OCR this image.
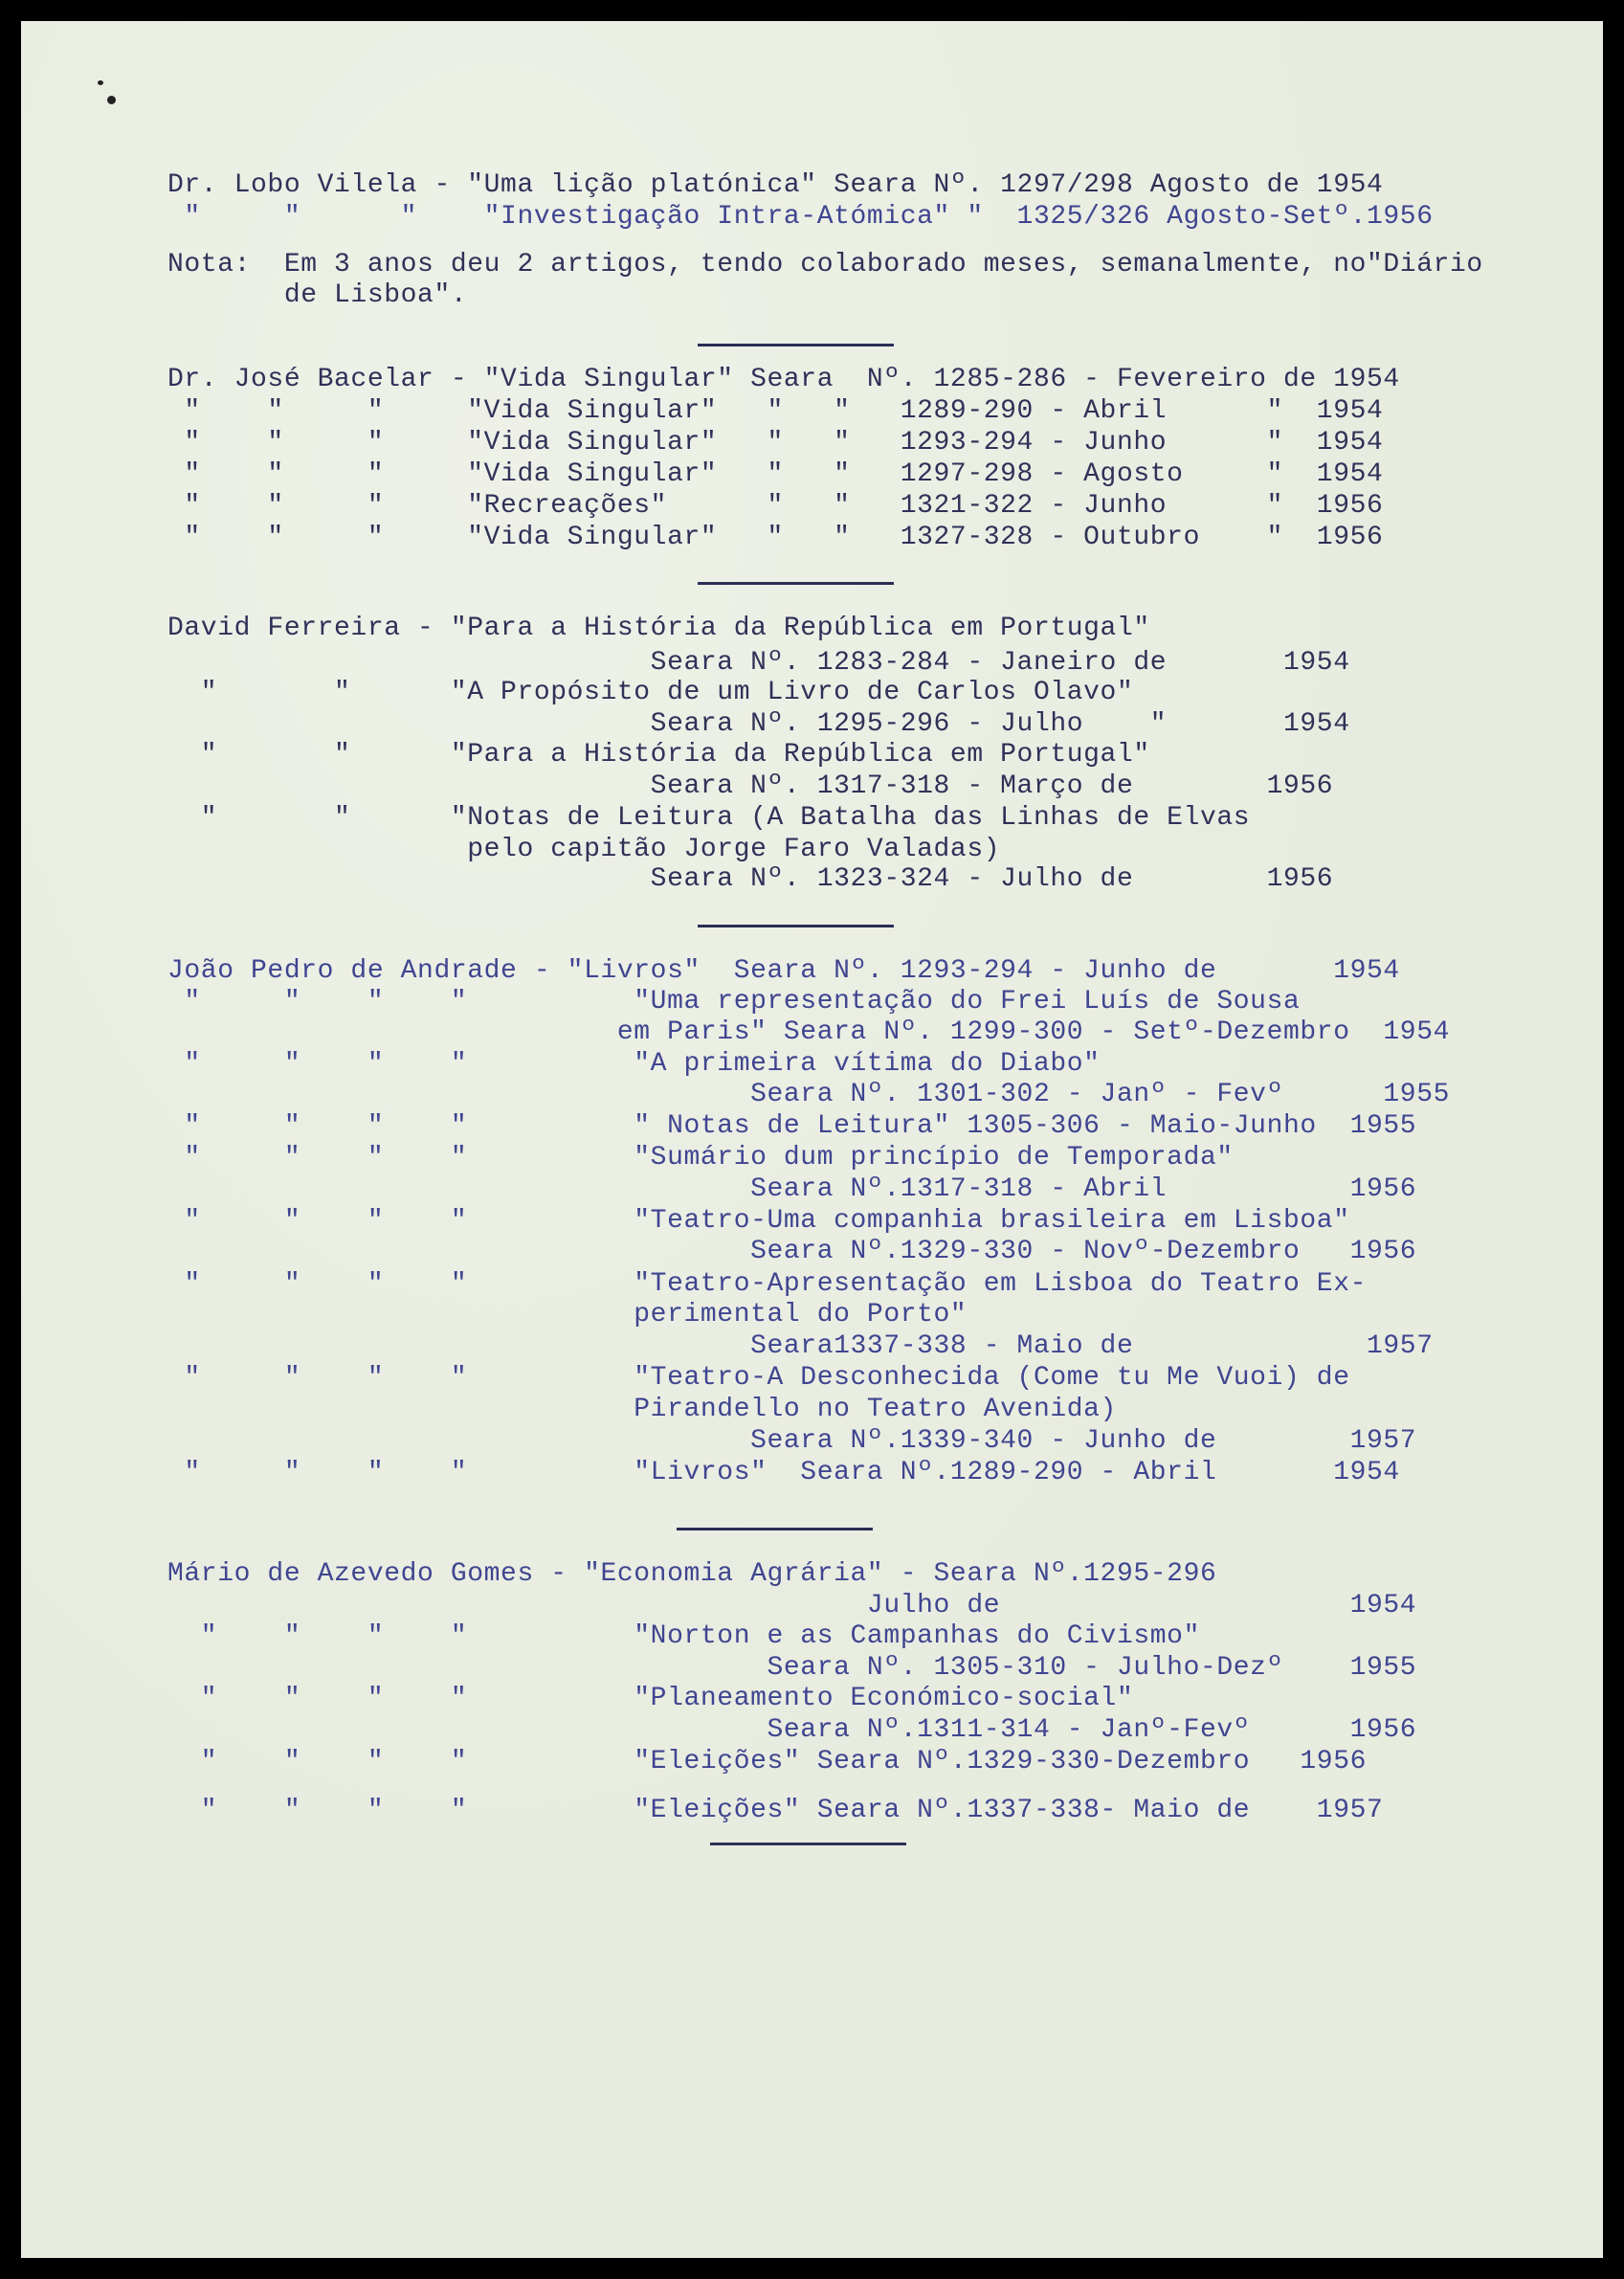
Dr. Lobo Vilela - "Uma lição platónica" Seara Nº. 1297/298 Agosto de 1954
"     "      "    "Investigação Intra-Atómica" "  1325/326 Agosto-Setº.1956
Nota:  Em 3 anos deu 2 artigos, tendo colaborado meses, semanalmente, no"Diário
de Lisboa".
Dr. José Bacelar - "Vida Singular" Seara  Nº. 1285-286 - Fevereiro de 1954
"    "     "     "Vida Singular"   "   "   1289-290 - Abril      "  1954
"    "     "     "Vida Singular"   "   "   1293-294 - Junho      "  1954
"    "     "     "Vida Singular"   "   "   1297-298 - Agosto     "  1954
"    "     "     "Recreações"      "   "   1321-322 - Junho      "  1956
"    "     "     "Vida Singular"   "   "   1327-328 - Outubro    "  1956
David Ferreira - "Para a História da República em Portugal"
Seara Nº. 1283-284 - Janeiro de       1954
"       "      "A Propósito de um Livro de Carlos Olavo"
Seara Nº. 1295-296 - Julho    "       1954
"       "      "Para a História da República em Portugal"
Seara Nº. 1317-318 - Março de        1956
"       "      "Notas de Leitura (A Batalha das Linhas de Elvas
pelo capitão Jorge Faro Valadas)
Seara Nº. 1323-324 - Julho de        1956
João Pedro de Andrade - "Livros"  Seara Nº. 1293-294 - Junho de       1954
"     "    "    "          "Uma representação do Frei Luís de Sousa
em Paris" Seara Nº. 1299-300 - Setº-Dezembro  1954
"     "    "    "          "A primeira vítima do Diabo"
Seara Nº. 1301-302 - Janº - Fevº      1955
"     "    "    "          " Notas de Leitura" 1305-306 - Maio-Junho  1955
"     "    "    "          "Sumário dum princípio de Temporada"
Seara Nº.1317-318 - Abril           1956
"     "    "    "          "Teatro-Uma companhia brasileira em Lisboa"
Seara Nº.1329-330 - Novº-Dezembro   1956
"     "    "    "          "Teatro-Apresentação em Lisboa do Teatro Ex-
perimental do Porto"
Seara1337-338 - Maio de              1957
"     "    "    "          "Teatro-A Desconhecida (Come tu Me Vuoi) de
Pirandello no Teatro Avenida)
Seara Nº.1339-340 - Junho de        1957
"     "    "    "          "Livros"  Seara Nº.1289-290 - Abril       1954
Mário de Azevedo Gomes - "Economia Agrária" - Seara Nº.1295-296
Julho de                     1954
"    "    "    "          "Norton e as Campanhas do Civismo"
Seara Nº. 1305-310 - Julho-Dezº    1955
"    "    "    "          "Planeamento Económico-social"
Seara Nº.1311-314 - Janº-Fevº      1956
"    "    "    "          "Eleições" Seara Nº.1329-330-Dezembro   1956
"    "    "    "          "Eleições" Seara Nº.1337-338- Maio de    1957
